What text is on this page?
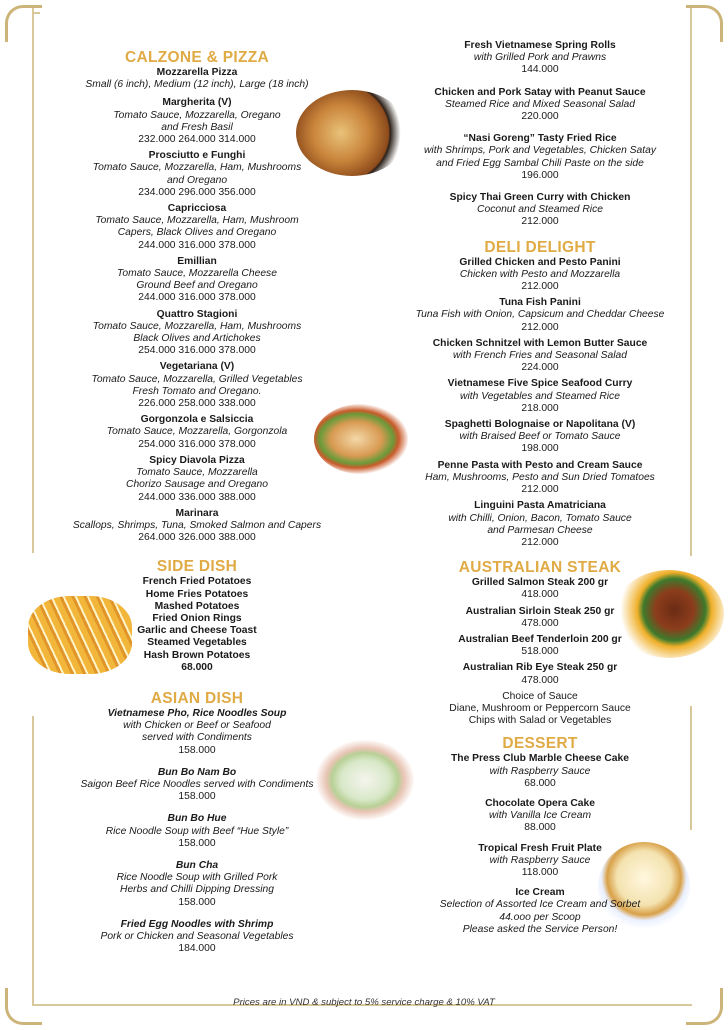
CALZONE & PIZZA
Mozzarella Pizza
Small (6 inch), Medium (12 inch), Large (18 inch)
Margherita (V)
Tomato Sauce, Mozzarella, Oregano
and Fresh Basil
232.000 264.000 314.000
Prosciutto e Funghi
Tomato Sauce, Mozzarella, Ham, Mushrooms
and Oregano
234.000 296.000 356.000
Capricciosa
Tomato Sauce, Mozzarella, Ham, Mushroom
Capers, Black Olives and Oregano
244.000 316.000 378.000
Emillian
Tomato Sauce, Mozzarella Cheese
Ground Beef and Oregano
244.000 316.000 378.000
Quattro Stagioni
Tomato Sauce, Mozzarella, Ham, Mushrooms
Black Olives and Artichokes
254.000 316.000 378.000
Vegetariana (V)
Tomato Sauce, Mozzarella, Grilled Vegetables
Fresh Tomato and Oregano.
226.000 258.000 338.000
Gorgonzola e Salsiccia
Tomato Sauce, Mozzarella, Gorgonzola
254.000 316.000 378.000
Spicy Diavola Pizza
Tomato Sauce, Mozzarella
Chorizo Sausage and Oregano
244.000 336.000 388.000
Marinara
Scallops, Shrimps, Tuna, Smoked Salmon and Capers
264.000 326.000 388.000
SIDE DISH
French Fried Potatoes
Home Fries Potatoes
Mashed Potatoes
Fried Onion Rings
Garlic and Cheese Toast
Steamed Vegetables
Hash Brown Potatoes
68.000
ASIAN DISH
Vietnamese Pho, Rice Noodles Soup
with Chicken or Beef or Seafood
served with Condiments
158.000
Bun Bo Nam Bo
Saigon Beef Rice Noodles served with Condiments
158.000
Bun Bo Hue
Rice Noodle Soup with Beef “Hue Style”
158.000
Bun Cha
Rice Noodle Soup with Grilled Pork
Herbs and Chilli Dipping Dressing
158.000
Fried Egg Noodles with Shrimp
Pork or Chicken and Seasonal Vegetables
184.000
Fresh Vietnamese Spring Rolls
with Grilled Pork and Prawns
144.000
Chicken and Pork Satay with Peanut Sauce
Steamed Rice and Mixed Seasonal Salad
220.000
“Nasi Goreng” Tasty Fried Rice
with Shrimps, Pork and Vegetables, Chicken Satay
and Fried Egg Sambal Chili Paste on the side
196.000
Spicy Thai Green Curry with Chicken
Coconut and Steamed Rice
212.000
DELI DELIGHT
Grilled Chicken and Pesto Panini
Chicken with Pesto and Mozzarella
212.000
Tuna Fish Panini
Tuna Fish with Onion, Capsicum and Cheddar Cheese
212.000
Chicken Schnitzel with Lemon Butter Sauce
with French Fries and Seasonal Salad
224.000
Vietnamese Five Spice Seafood Curry
with Vegetables and Steamed Rice
218.000
Spaghetti Bolognaise or Napolitana (V)
with Braised Beef or Tomato Sauce
198.000
Penne Pasta with Pesto and Cream Sauce
Ham, Mushrooms, Pesto and Sun Dried Tomatoes
212.000
Linguini Pasta Amatriciana
with Chilli, Onion, Bacon, Tomato Sauce
and Parmesan Cheese
212.000
AUSTRALIAN STEAK
Grilled Salmon Steak 200 gr
418.000
Australian Sirloin Steak 250 gr
478.000
Australian Beef Tenderloin 200 gr
518.000
Australian Rib Eye Steak 250 gr
478.000
Choice of Sauce
Diane, Mushroom or Peppercorn Sauce
Chips with Salad or Vegetables
DESSERT
The Press Club Marble Cheese Cake
with Raspberry Sauce
68.000
Chocolate Opera Cake
with Vanilla Ice Cream
88.000
Tropical Fresh Fruit Plate
with Raspberry Sauce
118.000
Ice Cream
Selection of Assorted Ice Cream and Sorbet
44.ooo per Scoop
Please asked the Service Person!
Prices are in VND & subject to 5% service charge & 10% VAT
